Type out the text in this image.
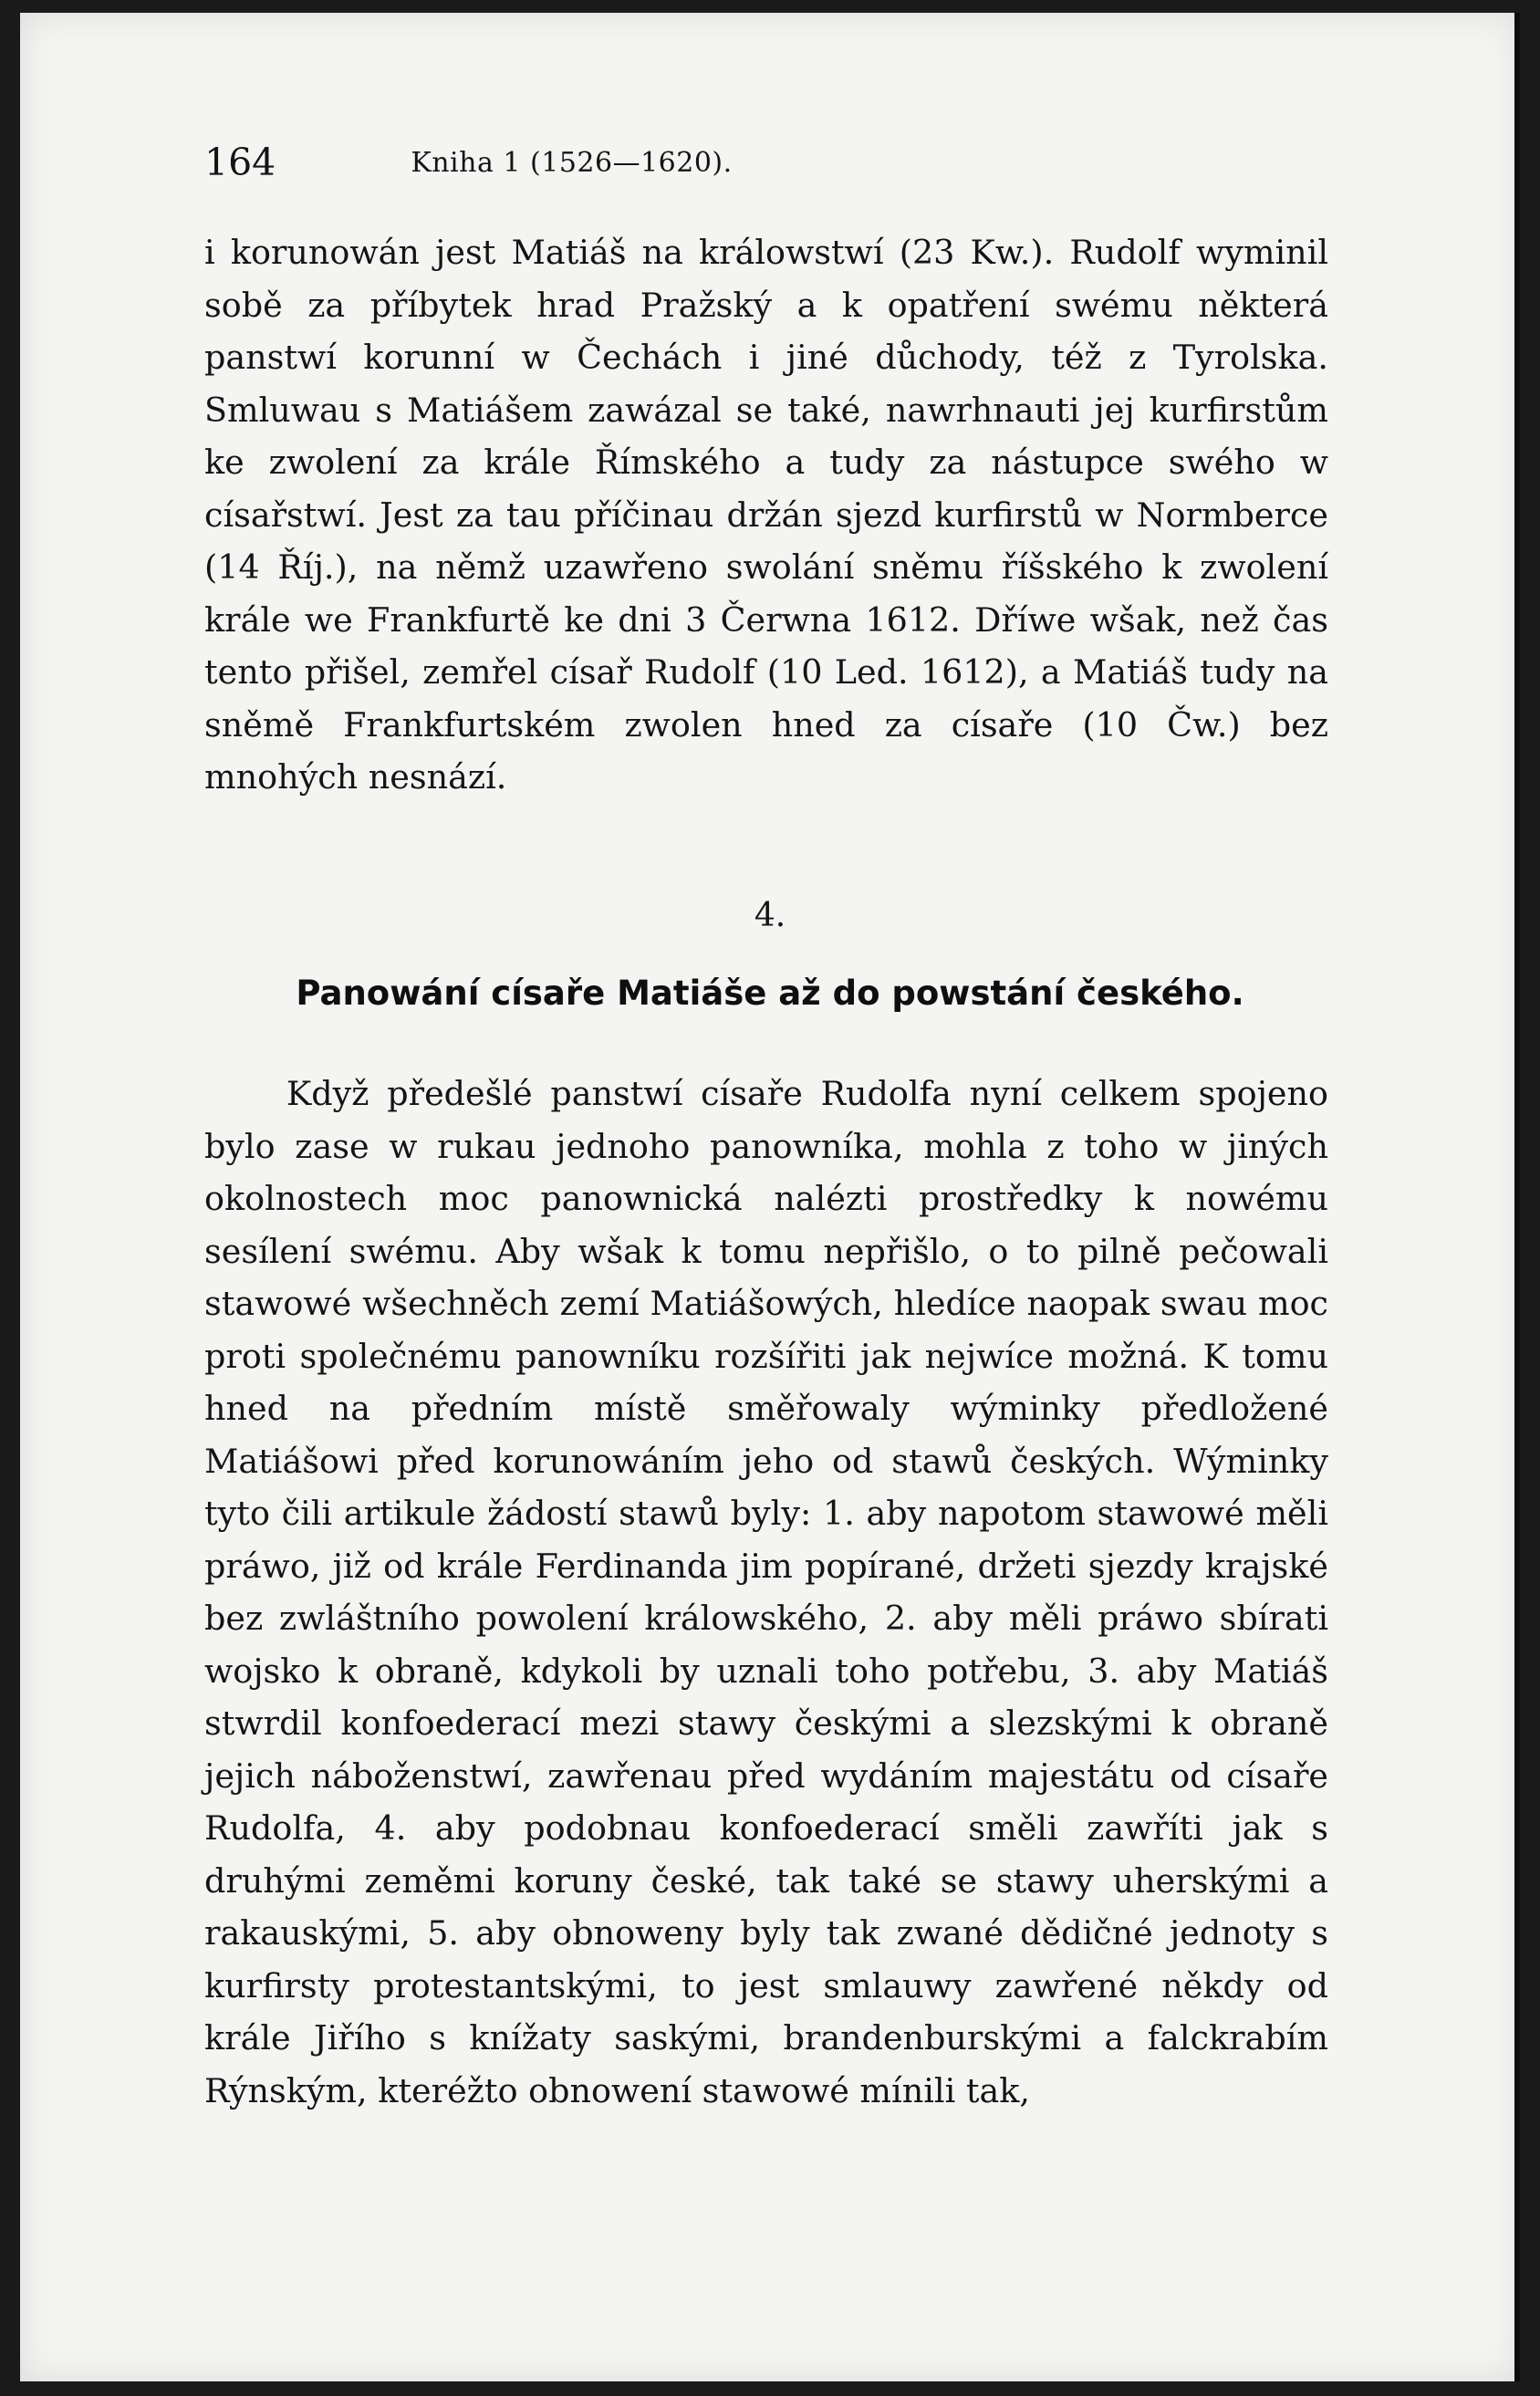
164	Kniha 1 (1526—1620).
i korunowán jest Matiáš na králowstwí (23 Kw.). Rudolf wyminil sobě za příbytek hrad Pražský a k opatření swému některá panstwí korunní w Čechách i jiné důchody, též z Tyrolska. Smluwau s Matiášem zawázal se také, nawrhnauti jej kurfirstům ke zwolení za krále Římského a tudy za nástupce swého w císařstwí. Jest za tau příčinau držán sjezd kurfirstů w Normberce (14 Říj.), na němž uzawřeno swolání sněmu říšského k zwolení krále we Frankfurtě ke dni 3 Čerwna 1612. Dříwe wšak, než čas tento přišel, zemřel císař Rudolf (10 Led. 1612), a Matiáš tudy na sněmě Frankfurtském zwolen hned za císaře (10 Čw.) bez mnohých nesnází.
4.
Panowání císaře Matiáše až do powstání českého.
Když předešlé panstwí císaře Rudolfa nyní celkem spojeno bylo zase w rukau jednoho panowníka, mohla z toho w jiných okolnostech moc panownická nalézti prostředky k nowému sesílení swému. Aby wšak k tomu nepřišlo, o to pilně pečowali stawowé wšechněch zemí Matiášowých, hledíce naopak swau moc proti společnému panowníku rozšířiti jak nejwíce možná. K tomu hned na předním místě směřowaly wýminky předložené Matiášowi před korunowáním jeho od stawů českých. Wýminky tyto čili artikule žádostí stawů byly: 1. aby napotom stawowé měli práwo, již od krále Ferdinanda jim popírané, držeti sjezdy krajské bez zwláštního powolení králowského, 2. aby měli práwo sbírati wojsko k obraně, kdykoli by uznali toho potřebu, 3. aby Matiáš stwrdil konfoederací mezi stawy českými a slezskými k obraně jejich náboženstwí, zawřenau před wydáním majestátu od císaře Rudolfa, 4. aby podobnau konfoederací směli zawříti jak s druhými zeměmi koruny české, tak také se stawy uherskými a rakauskými, 5. aby obnoweny byly tak zwané dědičné jednoty s kurfirsty protestantskými, to jest smlauwy zawřené někdy od krále Jiřího s knížaty saskými, brandenburskými a falckrabím Rýnským, kteréžto obnowení stawowé mínili tak,
